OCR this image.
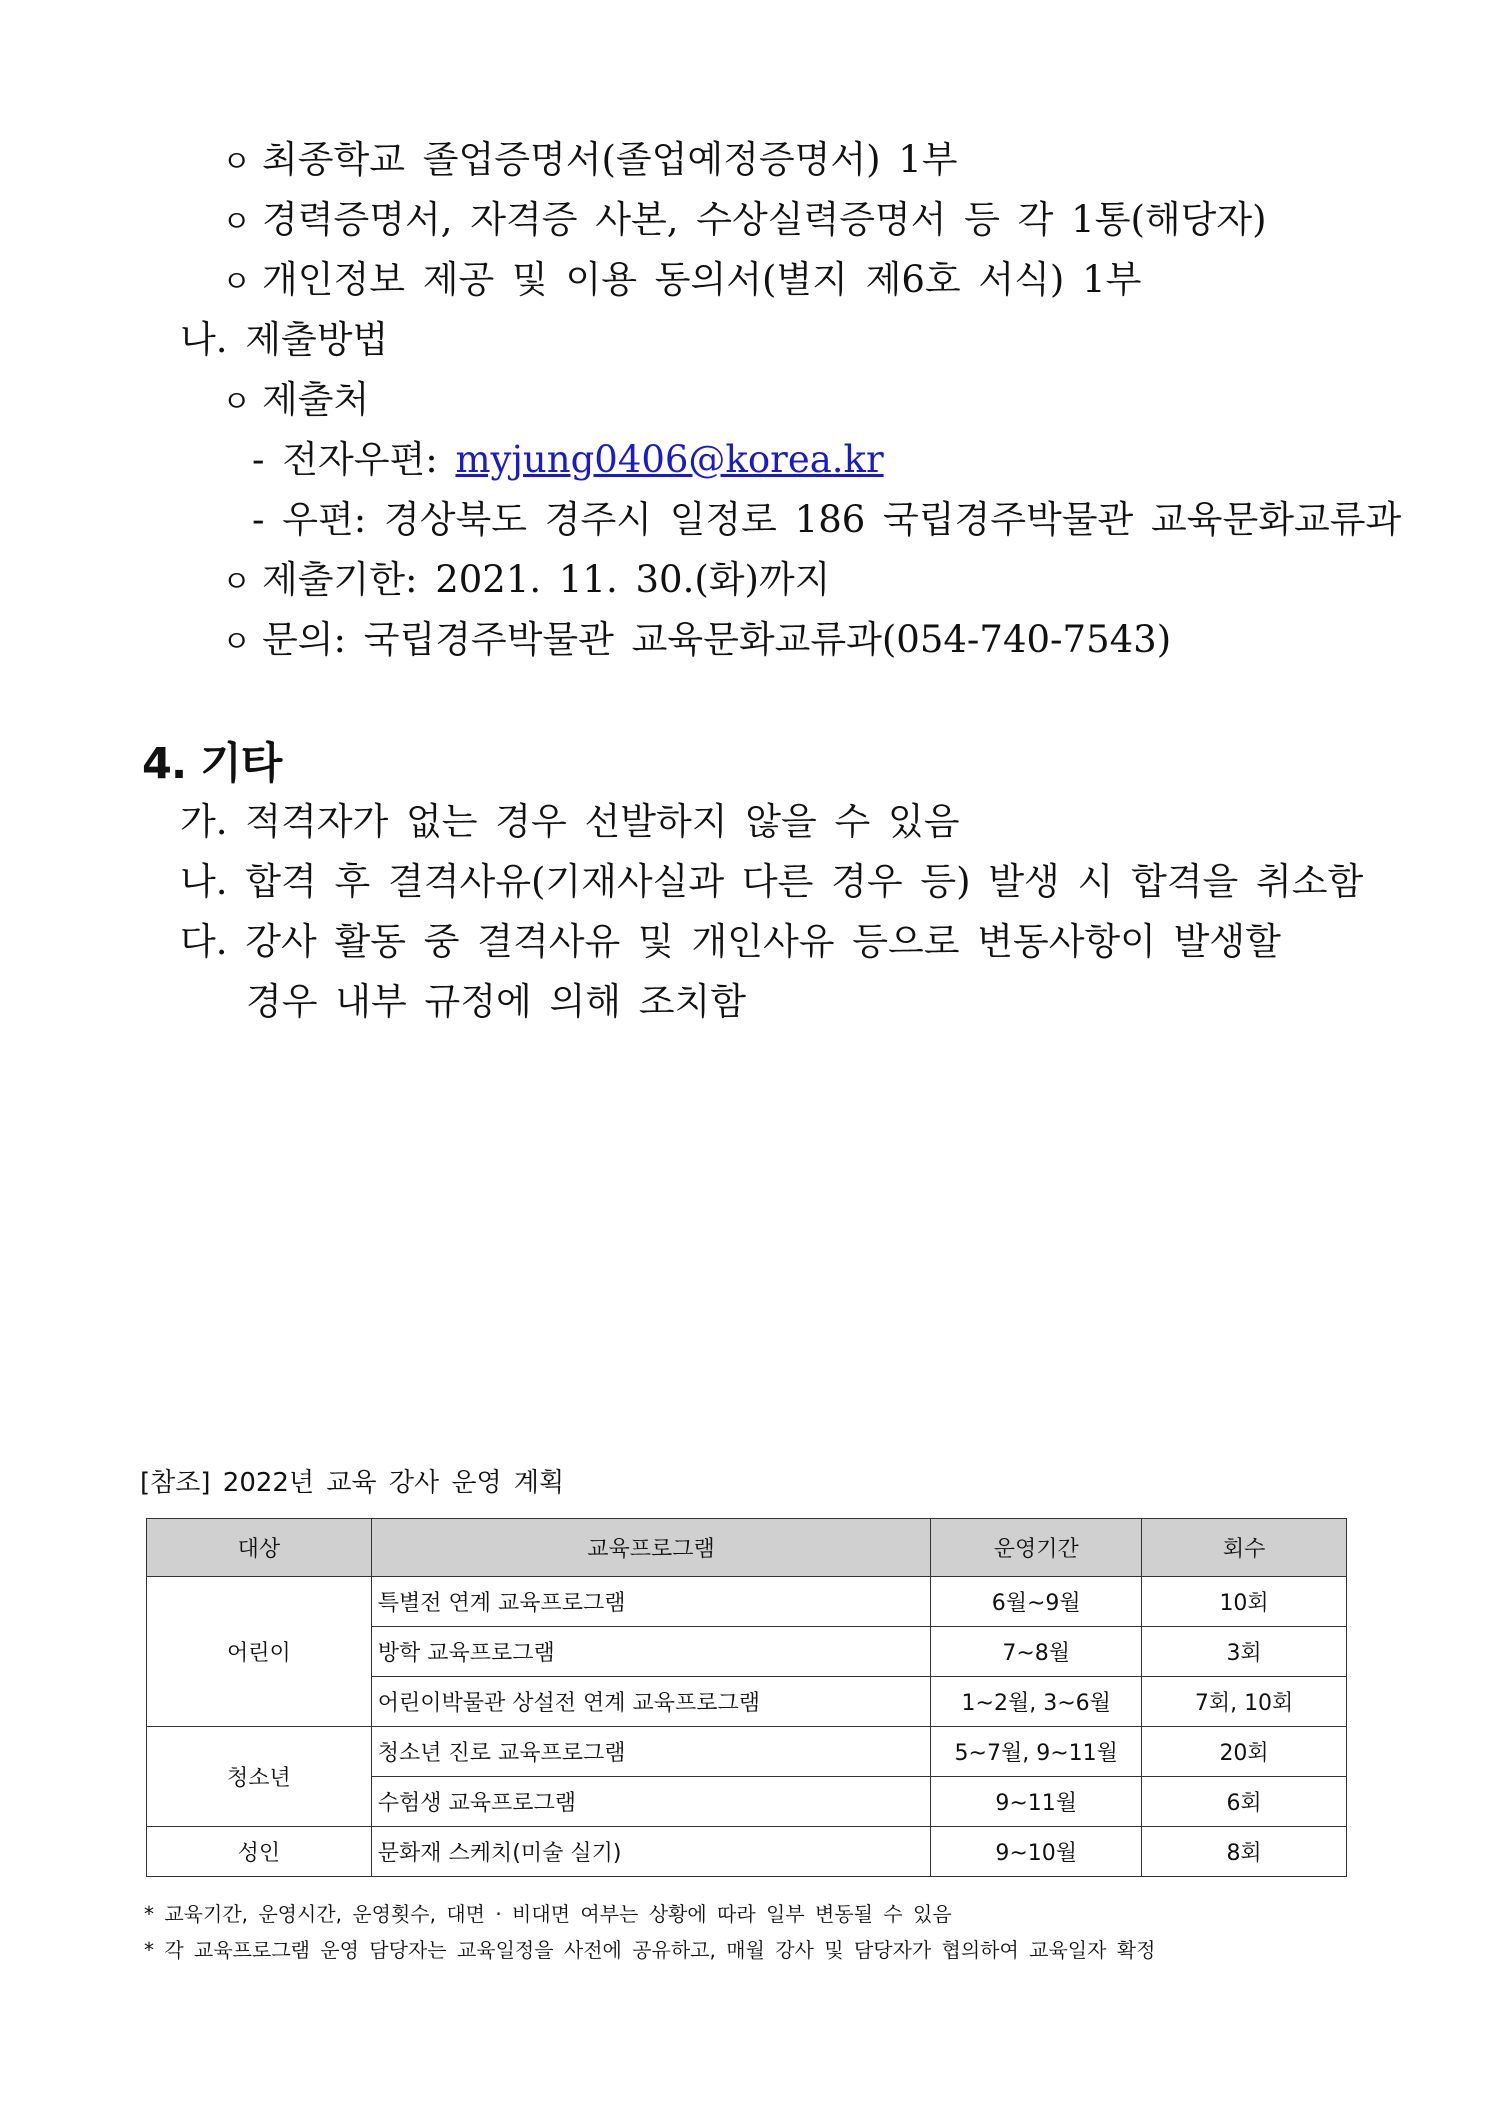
ㅇ 최종학교 졸업증명서(졸업예정증명서) 1부
ㅇ 경력증명서, 자격증 사본, 수상실력증명서 등 각 1통(해당자)
ㅇ 개인정보 제공 및 이용 동의서(별지 제6호 서식) 1부
나. 제출방법
ㅇ 제출처
- 전자우편: myjung0406@korea.kr
- 우편: 경상북도 경주시 일정로 186 국립경주박물관 교육문화교류과
ㅇ 제출기한: 2021. 11. 30.(화)까지
ㅇ 문의: 국립경주박물관 교육문화교류과(054-740-7543)
4. 기타
가. 적격자가 없는 경우 선발하지 않을 수 있음
나. 합격 후 결격사유(기재사실과 다른 경우 등) 발생 시 합격을 취소함
다. 강사 활동 중 결격사유 및 개인사유 등으로 변동사항이 발생할
경우 내부 규정에 의해 조치함
[참조] 2022년 교육 강사 운영 계획
대상	교육프로그램	운영기간	회수
어린이	특별전 연계 교육프로그램	6월~9월	10회
	방학 교육프로그램	7~8월	3회
	어린이박물관 상설전 연계 교육프로그램	1~2월, 3~6월	7회, 10회
청소년	청소년 진로 교육프로그램	5~7월, 9~11월	20회
	수험생 교육프로그램	9~11월	6회
성인	문화재 스케치(미술 실기)	9~10월	8회
* 교육기간, 운영시간, 운영횟수, 대면 · 비대면 여부는 상황에 따라 일부 변동될 수 있음
* 각 교육프로그램 운영 담당자는 교육일정을 사전에 공유하고, 매월 강사 및 담당자가 협의하여 교육일자 확정
